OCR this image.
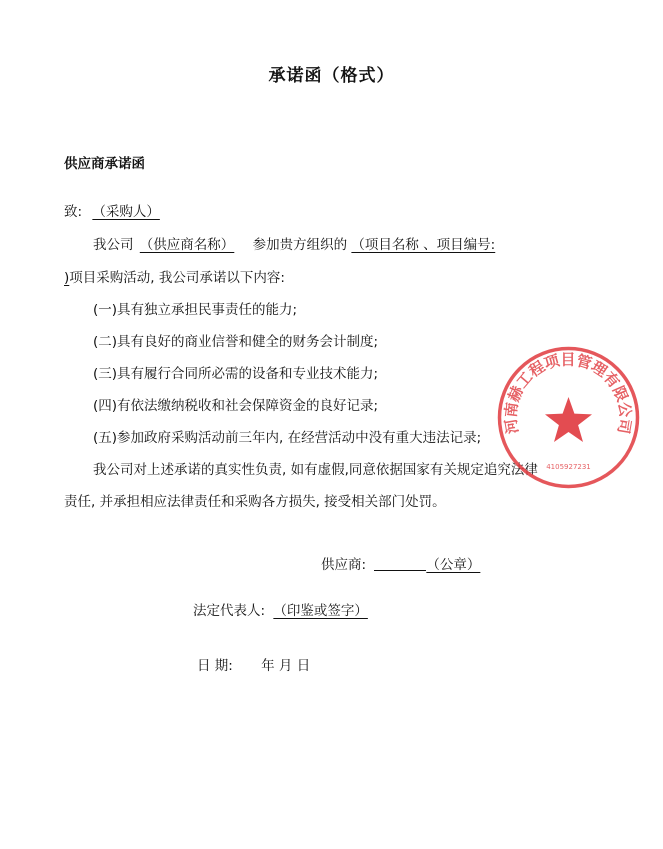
承诺函（格式）
供应商承诺函
致: （采购人）
我公司 （供应商名称） 参加贵方组织的 （项目名称 、项目编号:
)项目采购活动, 我公司承诺以下内容:
(一)具有独立承担民事责任的能力;
(二)具有良好的商业信誉和健全的财务会计制度;
(三)具有履行合同所必需的设备和专业技术能力;
(四)有依法缴纳税收和社会保障资金的良好记录;
(五)参加政府采购活动前三年内, 在经营活动中没有重大违法记录;
我公司对上述承诺的真实性负责, 如有虚假,同意依据国家有关规定追究法律
责任, 并承担相应法律责任和采购各方损失, 接受相关部门处罚。
供应商:	（公章）
法定代表人: （印鉴或签字）
日 期: 年 月 日
河南赫工程项目管理有限公司
4105927231
